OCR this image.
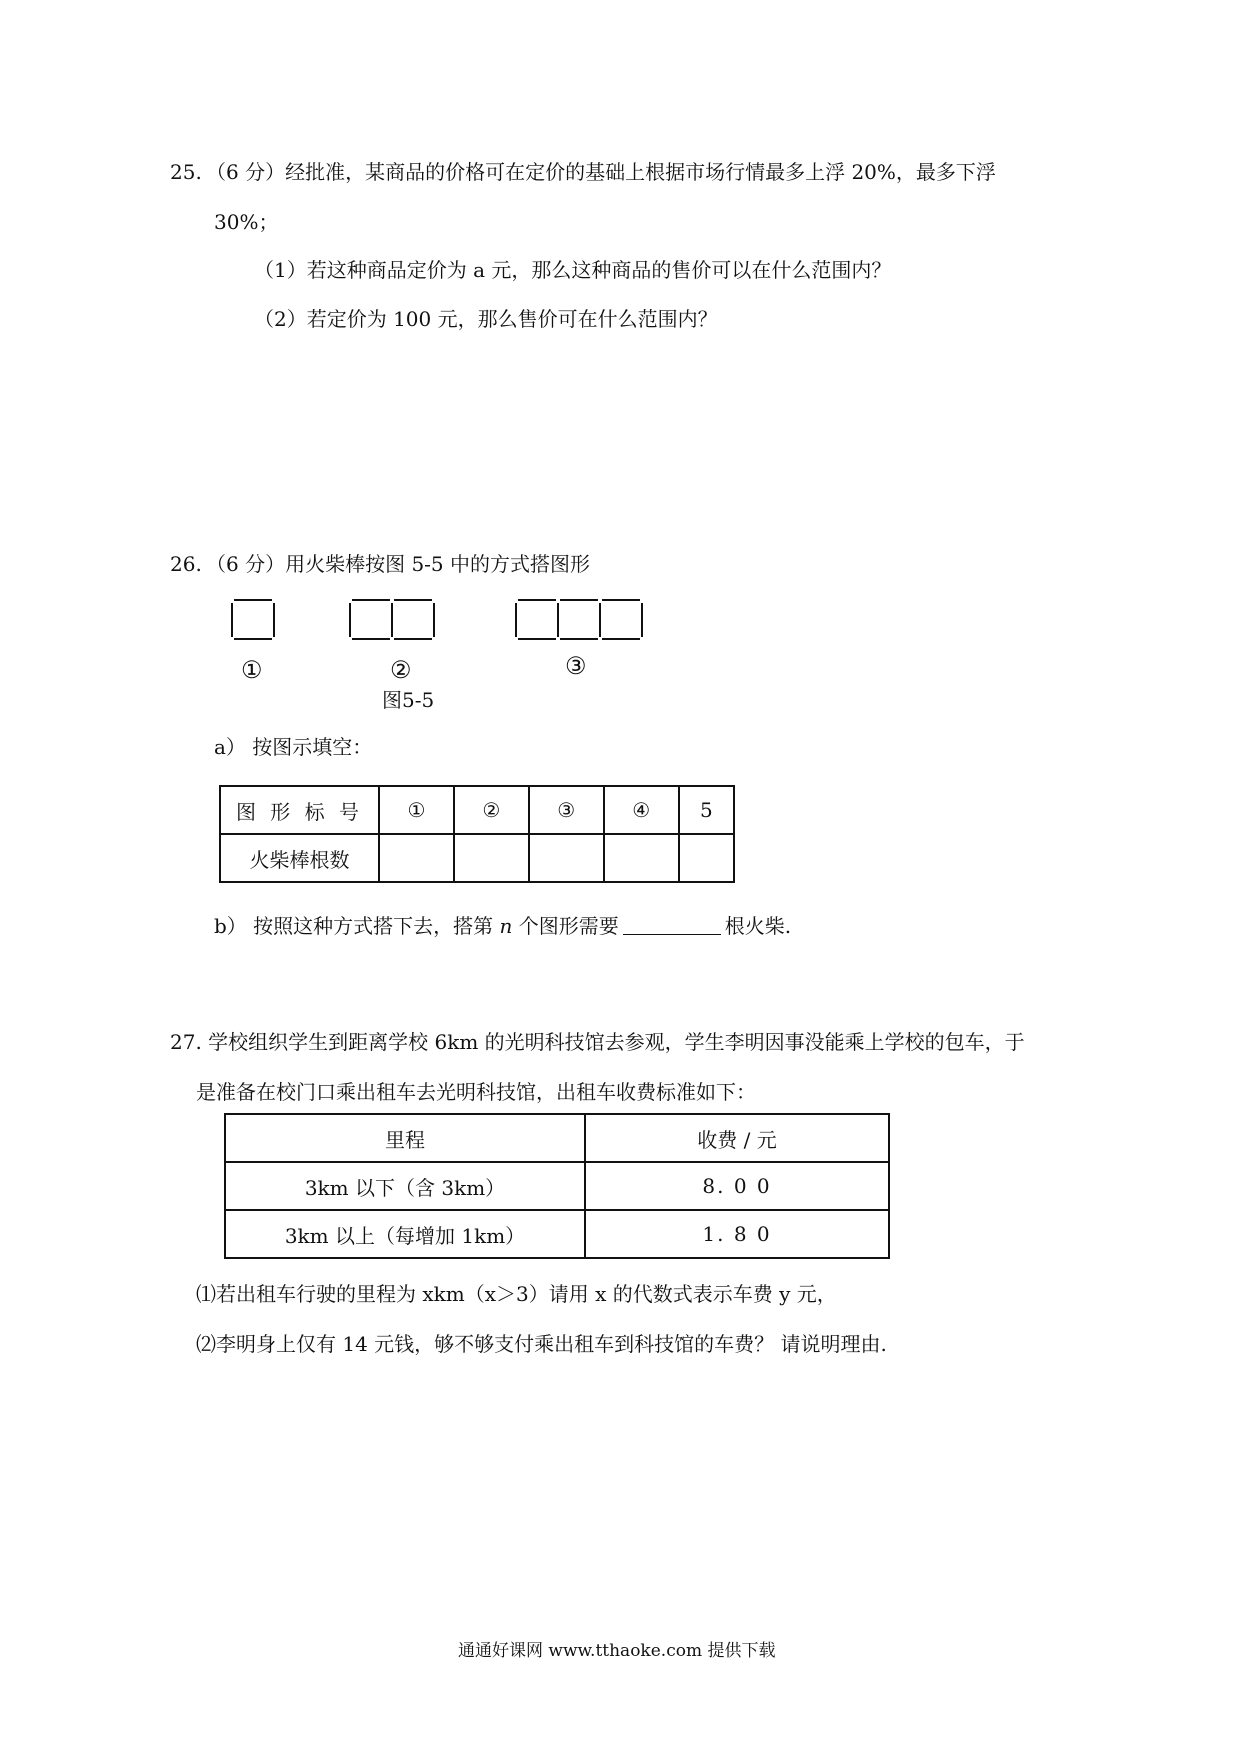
25. （6 分）经批准，某商品的价格可在定价的基础上根据市场行情最多上浮 20%，最多下浮
30%；
（1）若这种商品定价为 a 元，那么这种商品的售价可以在什么范围内？
（2）若定价为 100 元，那么售价可在什么范围内？
26. （6 分）用火柴棒按图 5-5 中的方式搭图形
①	②	③
图5-5
a） 按图示填空：
图 形 标 号	①	②	③	④	5
火柴棒根数					
b） 按照这种方式搭下去，搭第 n 个图形需要	根火柴.
27. 学校组织学生到距离学校 6km 的光明科技馆去参观，学生李明因事没能乘上学校的包车，于
是准备在校门口乘出租车去光明科技馆，出租车收费标准如下：
里程	收费 / 元
3km 以下（含 3km）	8. 0 0
3km 以上（每增加 1km）	1. 8 0
⑴若出租车行驶的里程为 xkm（x＞3）请用 x 的代数式表示车费 y 元，
⑵李明身上仅有 14 元钱，够不够支付乘出租车到科技馆的车费？ 请说明理由.
通通好课网 www.tthaoke.com 提供下载
